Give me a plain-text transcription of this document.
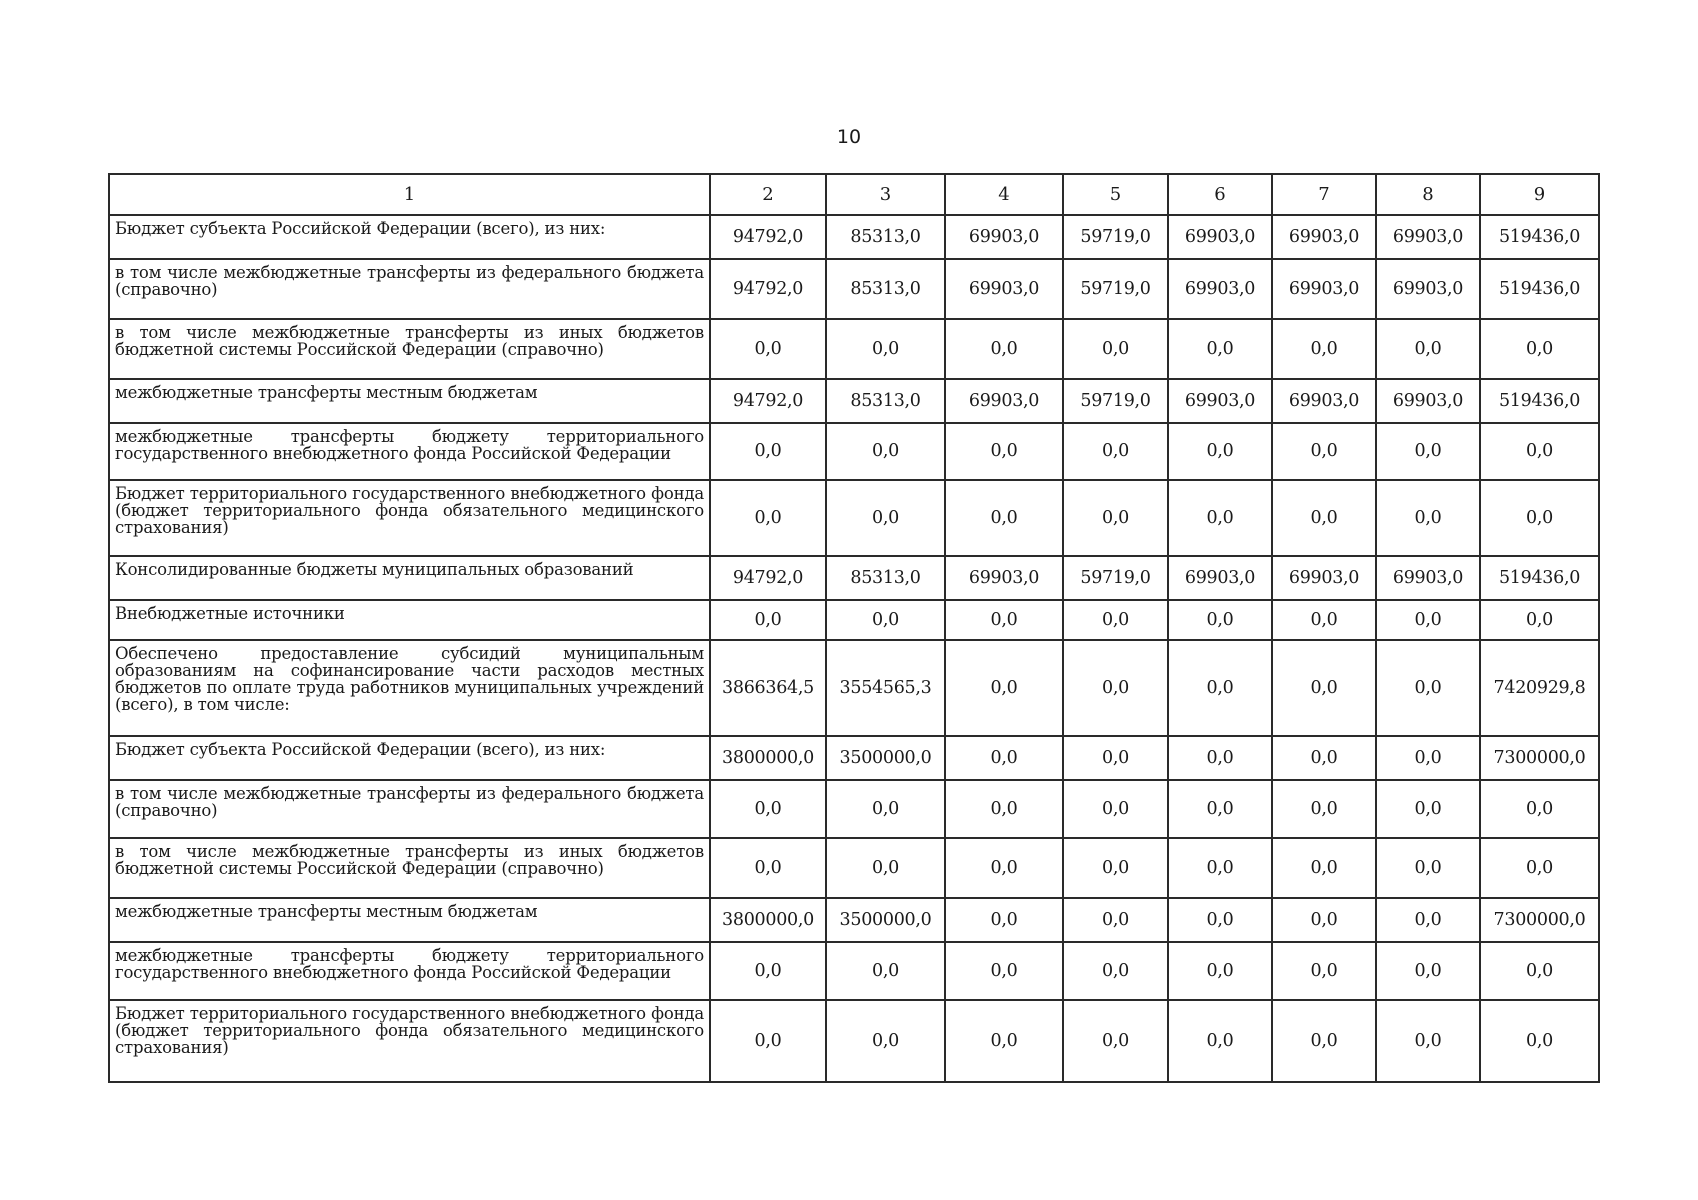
10
1	2	3	4	5	6	7	8	9
Бюджет субъекта Российской Федерации (всего), из них:	94792,0	85313,0	69903,0	59719,0	69903,0	69903,0	69903,0	519436,0
в том числе межбюджетные трансферты из федерального бюджета (справочно)	94792,0	85313,0	69903,0	59719,0	69903,0	69903,0	69903,0	519436,0
в том числе межбюджетные трансферты из иных бюджетов бюджетной системы Российской Федерации (справочно)	0,0	0,0	0,0	0,0	0,0	0,0	0,0	0,0
межбюджетные трансферты местным бюджетам	94792,0	85313,0	69903,0	59719,0	69903,0	69903,0	69903,0	519436,0
межбюджетные трансферты бюджету территориального государственного внебюджетного фонда Российской Федерации	0,0	0,0	0,0	0,0	0,0	0,0	0,0	0,0
Бюджет территориального государственного внебюджетного фонда (бюджет территориального фонда обязательного медицинского страхования)	0,0	0,0	0,0	0,0	0,0	0,0	0,0	0,0
Консолидированные бюджеты муниципальных образований	94792,0	85313,0	69903,0	59719,0	69903,0	69903,0	69903,0	519436,0
Внебюджетные источники	0,0	0,0	0,0	0,0	0,0	0,0	0,0	0,0
Обеспечено предоставление субсидий муниципальным образованиям на софинансирование части расходов местных бюджетов по оплате труда работников муниципальных учреждений (всего), в том числе:	3866364,5	3554565,3	0,0	0,0	0,0	0,0	0,0	7420929,8
Бюджет субъекта Российской Федерации (всего), из них:	3800000,0	3500000,0	0,0	0,0	0,0	0,0	0,0	7300000,0
в том числе межбюджетные трансферты из федерального бюджета (справочно)	0,0	0,0	0,0	0,0	0,0	0,0	0,0	0,0
в том числе межбюджетные трансферты из иных бюджетов бюджетной системы Российской Федерации (справочно)	0,0	0,0	0,0	0,0	0,0	0,0	0,0	0,0
межбюджетные трансферты местным бюджетам	3800000,0	3500000,0	0,0	0,0	0,0	0,0	0,0	7300000,0
межбюджетные трансферты бюджету территориального государственного внебюджетного фонда Российской Федерации	0,0	0,0	0,0	0,0	0,0	0,0	0,0	0,0
Бюджет территориального государственного внебюджетного фонда (бюджет территориального фонда обязательного медицинского страхования)	0,0	0,0	0,0	0,0	0,0	0,0	0,0	0,0
